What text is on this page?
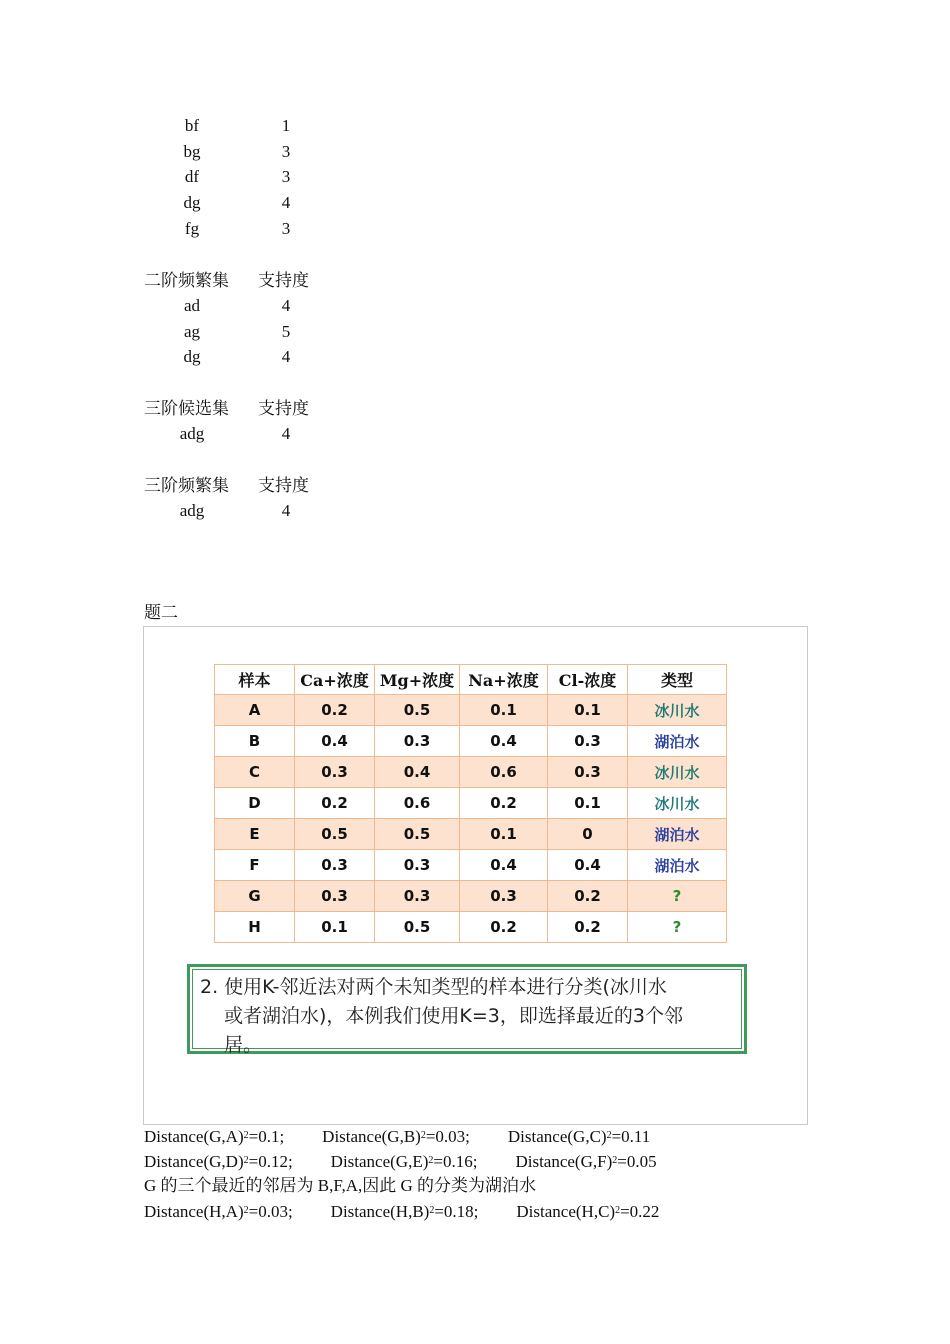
bf	1
bg	3
df	3
dg	4
fg	3
二阶频繁集	支持度
ad	4
ag	5
dg	4
三阶候选集	支持度
adg	4
三阶频繁集	支持度
adg	4
题二
样本	Ca+浓度	Mg+浓度	Na+浓度	Cl-浓度	类型
A	0.2	0.5	0.1	0.1	冰川水
B	0.4	0.3	0.4	0.3	湖泊水
C	0.3	0.4	0.6	0.3	冰川水
D	0.2	0.6	0.2	0.1	冰川水
E	0.5	0.5	0.1	0	湖泊水
F	0.3	0.3	0.4	0.4	湖泊水
G	0.3	0.3	0.3	0.2	?
H	0.1	0.5	0.2	0.2	?
2. 使用K-邻近法对两个未知类型的样本进行分类(冰川水
或者湖泊水)，本例我们使用K=3，即选择最近的3个邻
居。
$Distance(G,A)^2=0.1$; $Distance(G,B)^2=0.03$; $Distance(G,C)^2=0.11$
$Distance(G,D)^2=0.12$; $Distance(G,E)^2=0.16$; $Distance(G,F)^2=0.05$
G 的三个最近的邻居为 B,F,A,因此 G 的分类为湖泊水
$Distance(H,A)^2=0.03$; $Distance(H,B)^2=0.18$; $Distance(H,C)^2=0.22$
